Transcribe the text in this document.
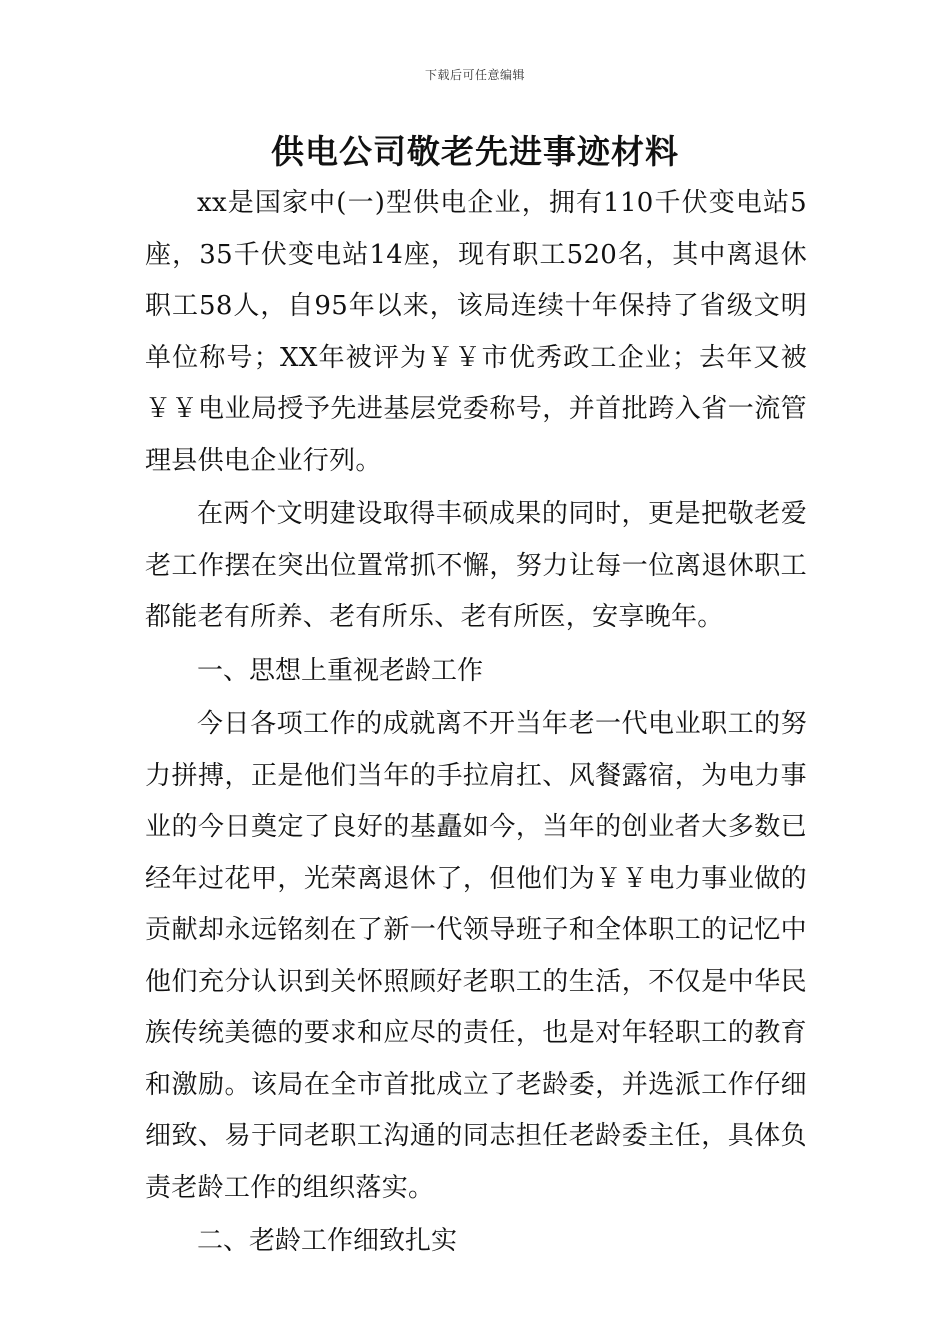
下载后可任意编辑
供电公司敬老先进事迹材料

xx是国家中(一)型供电企业，拥有110千伏变电站5座，35千伏变电站14座，现有职工520名，其中离退休职工58人，自95年以来，该局连续十年保持了省级文明单位称号；XX年被评为￥￥市优秀政工企业；去年又被￥￥电业局授予先进基层党委称号，并首批跨入省一流管理县供电企业行列。

在两个文明建设取得丰硕成果的同时，更是把敬老爱老工作摆在突出位置常抓不懈，努力让每一位离退休职工都能老有所养、老有所乐、老有所医，安享晚年。

一、思想上重视老龄工作

今日各项工作的成就离不开当年老一代电业职工的努力拼搏，正是他们当年的手拉肩扛、风餐露宿，为电力事业的今日奠定了良好的基矗如今，当年的创业者大多数已经年过花甲，光荣离退休了，但他们为￥￥电力事业做的贡献却永远铭刻在了新一代领导班子和全体职工的记忆中他们充分认识到关怀照顾好老职工的生活，不仅是中华民族传统美德的要求和应尽的责任，也是对年轻职工的教育和激励。该局在全市首批成立了老龄委，并选派工作仔细细致、易于同老职工沟通的同志担任老龄委主任，具体负责老龄工作的组织落实。

二、老龄工作细致扎实
